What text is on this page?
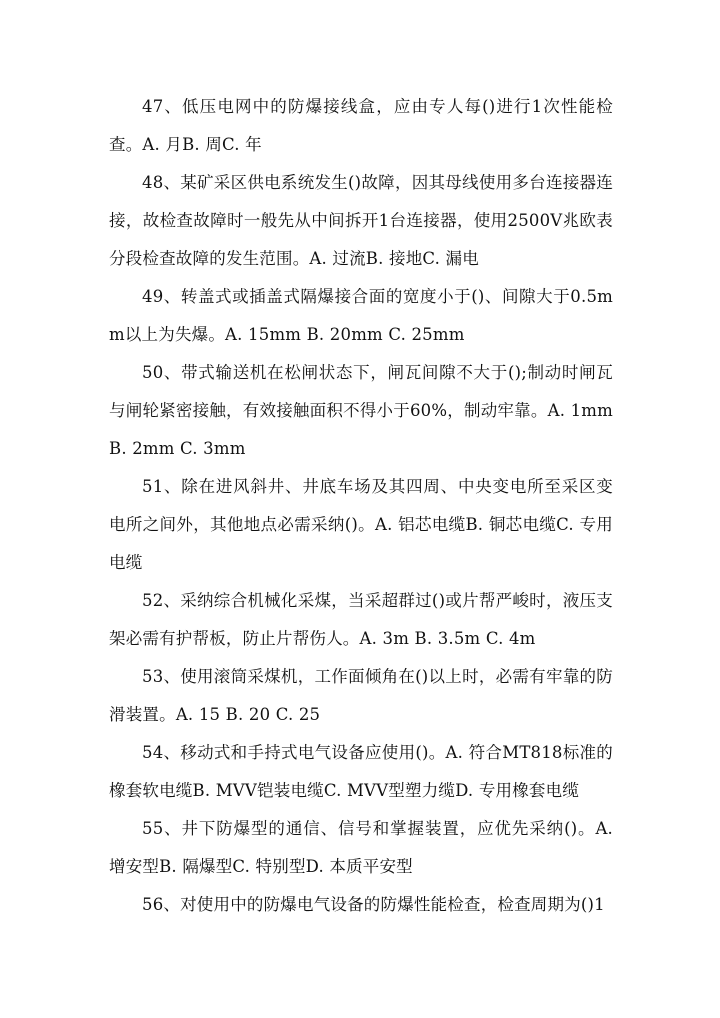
47、低压电网中的防爆接线盒，应由专人每()进行1次性能检查。A. 月B. 周C. 年

48、某矿采区供电系统发生()故障，因其母线使用多台连接器连接，故检查故障时一般先从中间拆开1台连接器，使用2500V兆欧表分段检查故障的发生范围。A. 过流B. 接地C. 漏电

49、转盖式或插盖式隔爆接合面的宽度小于()、间隙大于0.5mm以上为失爆。A. 15mm B. 20mm C. 25mm

50、带式输送机在松闸状态下，闸瓦间隙不大于();制动时闸瓦与闸轮紧密接触，有效接触面积不得小于60%，制动牢靠。A. 1mm B. 2mm C. 3mm

51、除在进风斜井、井底车场及其四周、中央变电所至采区变电所之间外，其他地点必需采纳()。A. 铝芯电缆B. 铜芯电缆C. 专用电缆

52、采纳综合机械化采煤，当采超群过()或片帮严峻时，液压支架必需有护帮板，防止片帮伤人。A. 3m B. 3.5m C. 4m

53、使用滚筒采煤机，工作面倾角在()以上时，必需有牢靠的防滑装置。A. 15 B. 20 C. 25

54、移动式和手持式电气设备应使用()。A. 符合MT818标准的橡套软电缆B. MVV铠装电缆C. MVV型塑力缆D. 专用橡套电缆

55、井下防爆型的通信、信号和掌握装置，应优先采纳()。A. 增安型B. 隔爆型C. 特别型D. 本质平安型

56、对使用中的防爆电气设备的防爆性能检查，检查周期为()1
